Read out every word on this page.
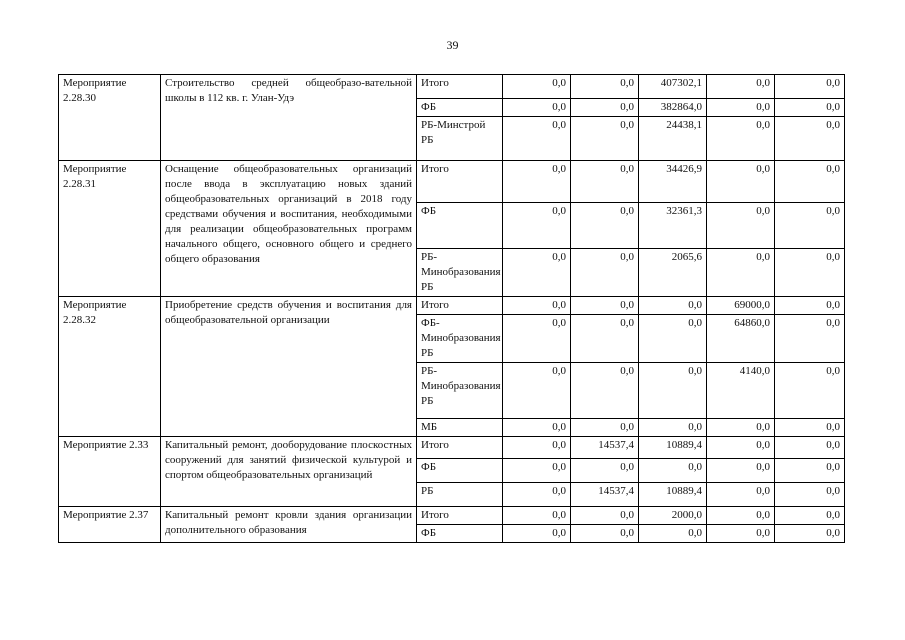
39
Мероприятие 2.28.30	Строительство средней общеобразо-вательной школы в 112 кв. г. Улан-Удэ	Итого	0,0	0,0	407302,1	0,0	0,0
		ФБ	0,0	0,0	382864,0	0,0	0,0
		РБ-Минстрой РБ	0,0	0,0	24438,1	0,0	0,0
Мероприятие 2.28.31	Оснащение общеобразовательных организаций после ввода в эксплуатацию новых зданий общеобразовательных организаций в 2018 году средствами обучения и воспитания, необходимыми для реализации общеобразовательных программ начального общего, основного общего и среднего общего образования	Итого	0,0	0,0	34426,9	0,0	0,0
		ФБ	0,0	0,0	32361,3	0,0	0,0
		РБ-Минобразования РБ	0,0	0,0	2065,6	0,0	0,0
Мероприятие 2.28.32	Приобретение средств обучения и воспитания для общеобразовательной организации	Итого	0,0	0,0	0,0	69000,0	0,0
		ФБ-Минобразования РБ	0,0	0,0	0,0	64860,0	0,0
		РБ-Минобразования РБ	0,0	0,0	0,0	4140,0	0,0
		МБ	0,0	0,0	0,0	0,0	0,0
Мероприятие 2.33	Капитальный ремонт, дооборудование плоскостных сооружений для занятий физической культурой и спортом общеобразовательных организаций	Итого	0,0	14537,4	10889,4	0,0	0,0
		ФБ	0,0	0,0	0,0	0,0	0,0
		РБ	0,0	14537,4	10889,4	0,0	0,0
Мероприятие 2.37	Капитальный ремонт кровли здания организации дополнительного образования	Итого	0,0	0,0	2000,0	0,0	0,0
		ФБ	0,0	0,0	0,0	0,0	0,0
